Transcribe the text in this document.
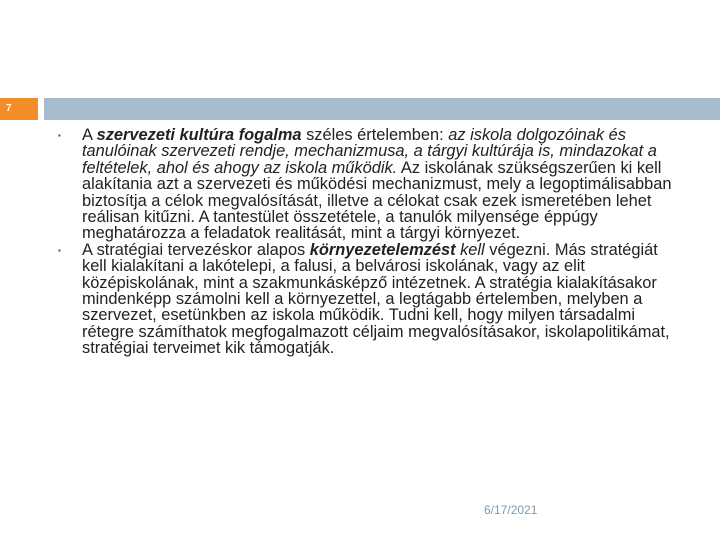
7
▪ A szervezeti kultúra fogalma széles értelemben: az iskola dolgozóinak és tanulóinak szervezeti rendje, mechanizmusa, a tárgyi kultúrája is, mindazokat a feltételek, ahol és ahogy az iskola működik. Az iskolának szükségszerűen ki kell alakítania azt a szervezeti és működési mechanizmust, mely a legoptimálisabban biztosítja a célok megvalósítását, illetve a célokat csak ezek ismeretében lehet reálisan kitűzni. A tantestület összetétele, a tanulók milyensége éppúgy meghatározza a feladatok realitását, mint a tárgyi környezet.
▪ A stratégiai tervezéskor alapos környezetelemzést kell végezni. Más stratégiát kell kialakítani a lakótelepi, a falusi, a belvárosi iskolának, vagy az elit középiskolának, mint a szakmunkásképző intézetnek. A stratégia kialakításakor mindenképp számolni kell a környezettel, a legtágabb értelemben, melyben a szervezet, esetünkben az iskola működik. Tudni kell, hogy milyen társadalmi rétegre számíthatok megfogalmazott céljaim megvalósításakor, iskolapolitikámat, stratégiai terveimet kik támogatják.
6/17/2021
